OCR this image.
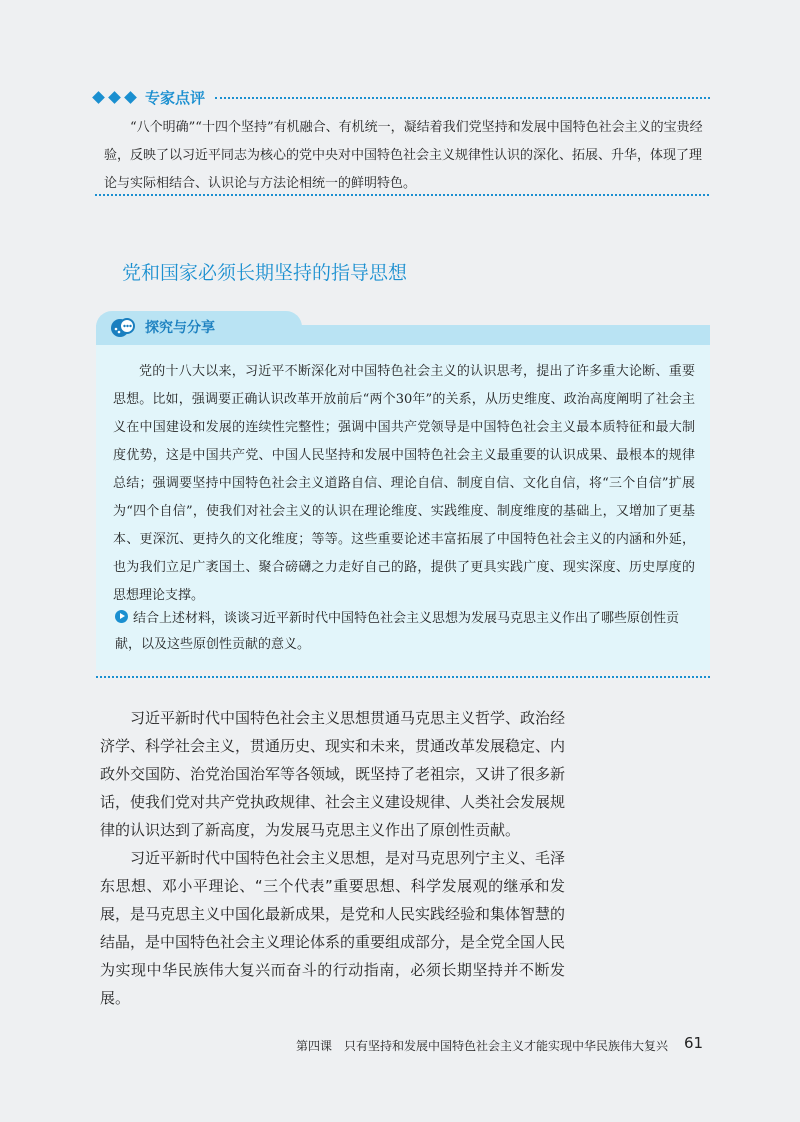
专家点评

“八个明确”“十四个坚持”有机融合、有机统一，凝结着我们党坚持和发展中国特色社会主义的宝贵经验，反映了以习近平同志为核心的党中央对中国特色社会主义规律性认识的深化、拓展、升华，体现了理论与实际相结合、认识论与方法论相统一的鲜明特色。

党和国家必须长期坚持的指导思想
探究与分享

党的十八大以来，习近平不断深化对中国特色社会主义的认识思考，提出了许多重大论断、重要思想。比如，强调要正确认识改革开放前后“两个30年”的关系，从历史维度、政治高度阐明了社会主义在中国建设和发展的连续性完整性；强调中国共产党领导是中国特色社会主义最本质特征和最大制度优势，这是中国共产党、中国人民坚持和发展中国特色社会主义最重要的认识成果、最根本的规律总结；强调要坚持中国特色社会主义道路自信、理论自信、制度自信、文化自信，将“三个自信”扩展为“四个自信”，使我们对社会主义的认识在理论维度、实践维度、制度维度的基础上，又增加了更基本、更深沉、更持久的文化维度；等等。这些重要论述丰富拓展了中国特色社会主义的内涵和外延，也为我们立足广袤国土、聚合磅礴之力走好自己的路，提供了更具实践广度、现实深度、历史厚度的思想理论支撑。

结合上述材料，谈谈习近平新时代中国特色社会主义思想为发展马克思主义作出了哪些原创性贡献，以及这些原创性贡献的意义。

习近平新时代中国特色社会主义思想贯通马克思主义哲学、政治经济学、科学社会主义，贯通历史、现实和未来，贯通改革发展稳定、内政外交国防、治党治国治军等各领域，既坚持了老祖宗，又讲了很多新话，使我们党对共产党执政规律、社会主义建设规律、人类社会发展规律的认识达到了新高度，为发展马克思主义作出了原创性贡献。

习近平新时代中国特色社会主义思想，是对马克思列宁主义、毛泽东思想、邓小平理论、“三个代表”重要思想、科学发展观的继承和发展，是马克思主义中国化最新成果，是党和人民实践经验和集体智慧的结晶，是中国特色社会主义理论体系的重要组成部分，是全党全国人民为实现中华民族伟大复兴而奋斗的行动指南，必须长期坚持并不断发展。

第四课　只有坚持和发展中国特色社会主义才能实现中华民族伟大复兴 61
